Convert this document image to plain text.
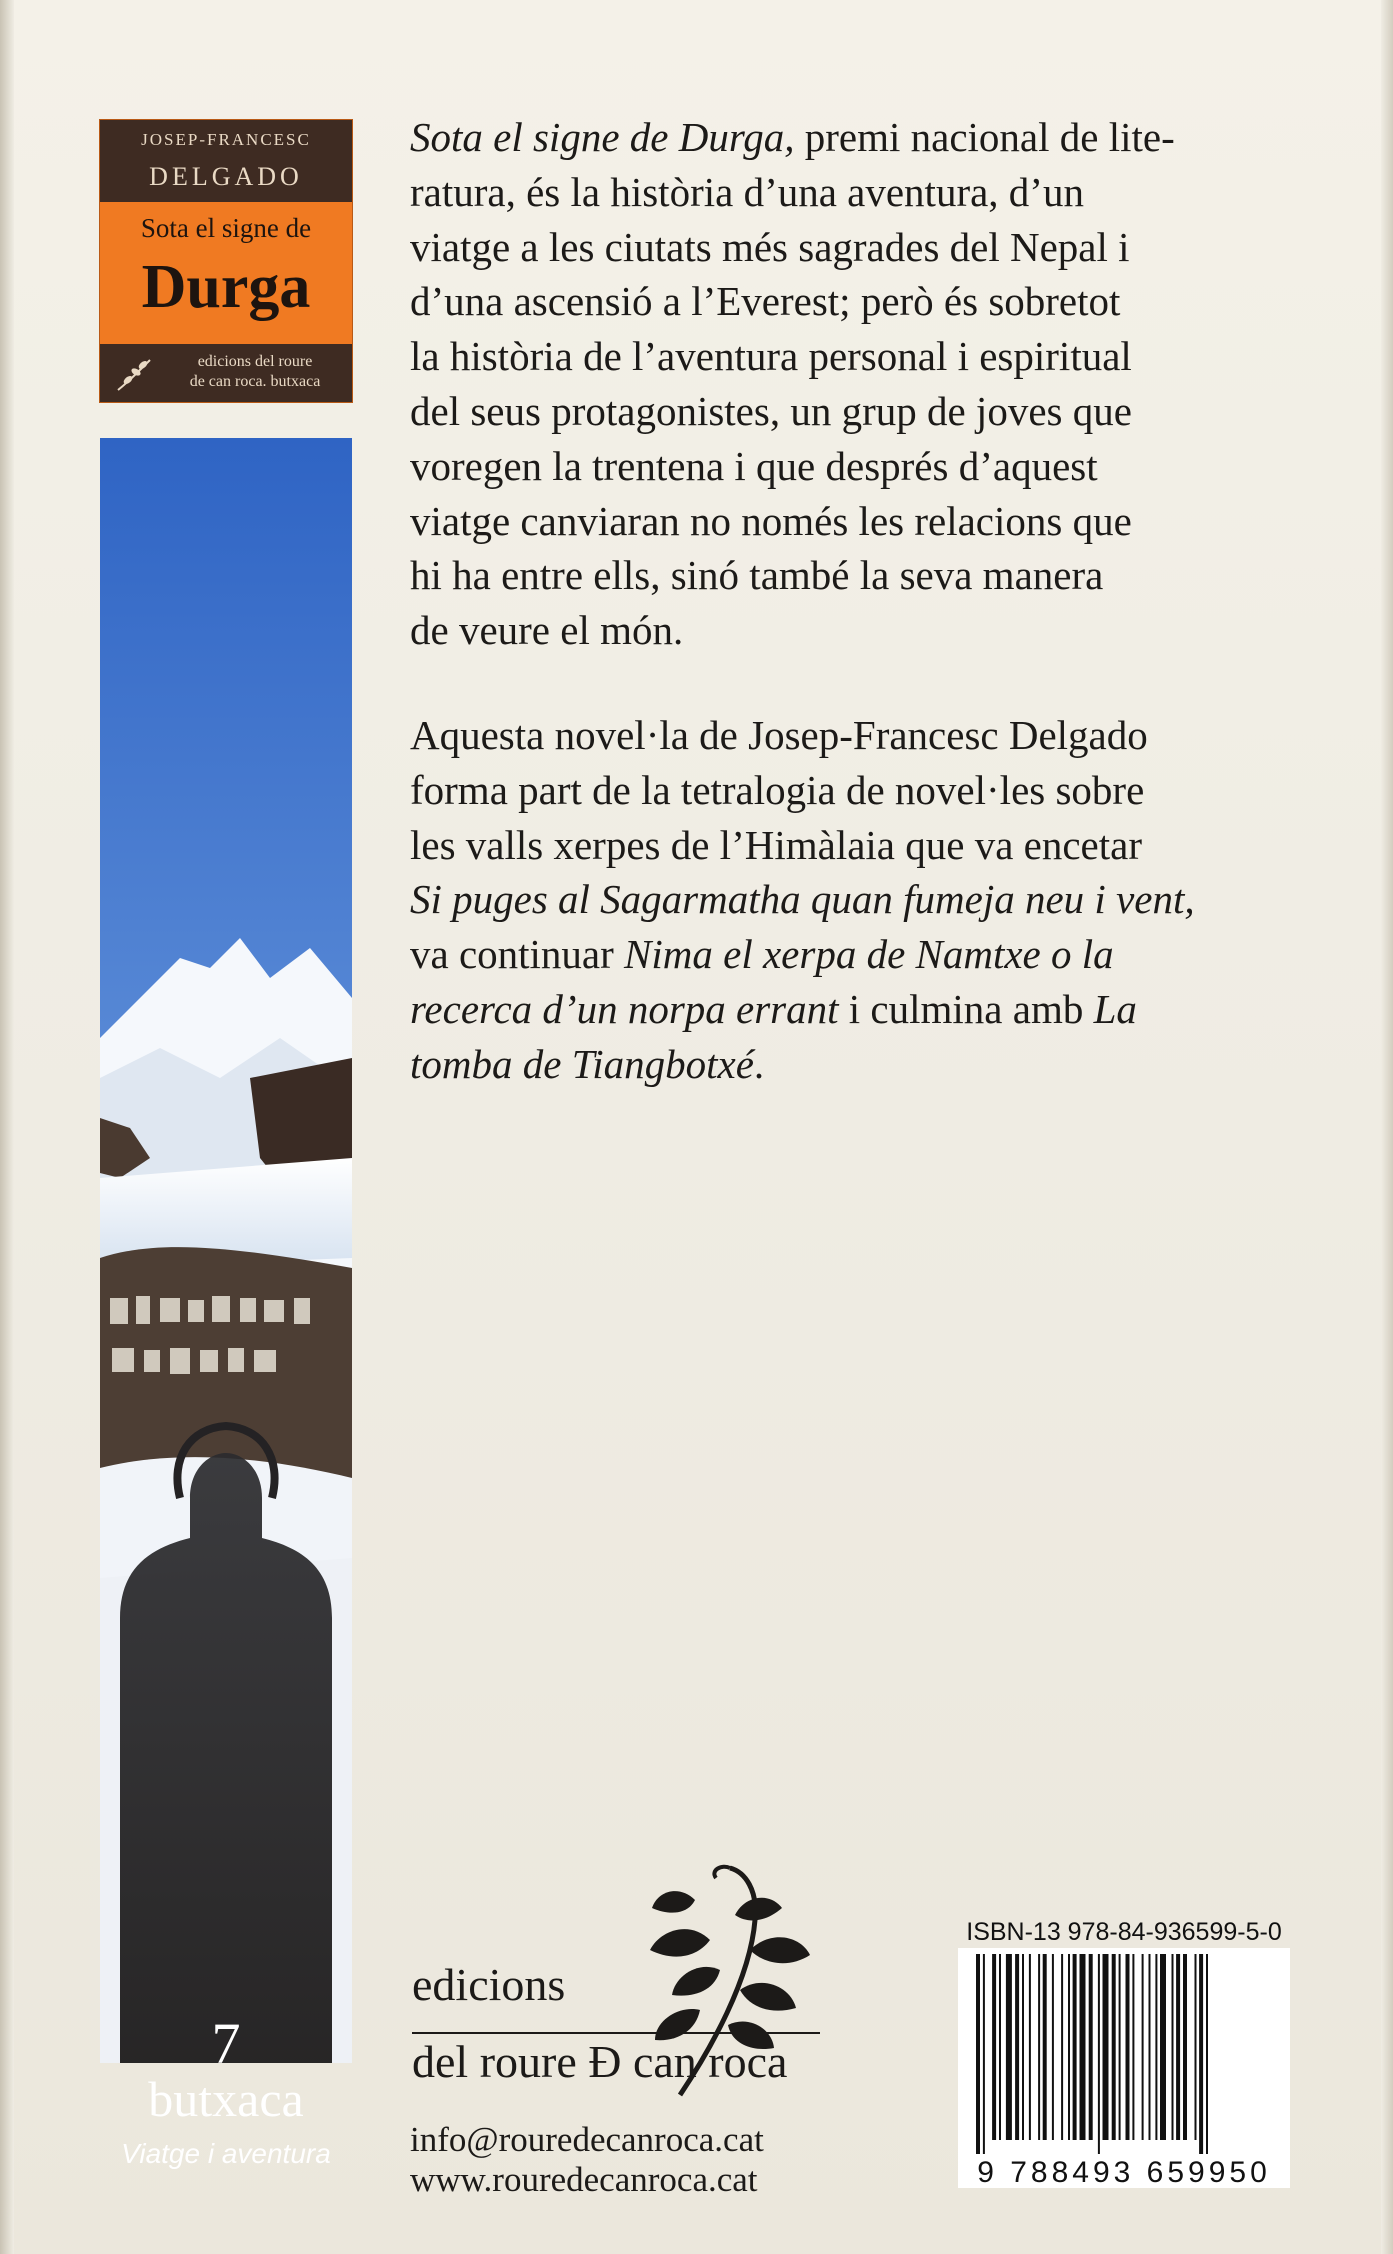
JOSEP-FRANCESC
DELGADO
Sota el signe de
Durga
edicions del roure
de can roca. butxaca
7
butxaca
Viatge i aventura
Sota el signe de Durga, premi nacional de lite-
ratura, és la història d’una aventura, d’un
viatge a les ciutats més sagrades del Nepal i
d’una ascensió a l’Everest; però és sobretot
la història de l’aventura personal i espiritual
del seus protagonistes, un grup de joves que
voregen la trentena i que després d’aquest
viatge canviaran no només les relacions que
hi ha entre ells, sinó també la seva manera
de veure el món.
Aquesta novel·la de Josep-Francesc Delgado
forma part de la tetralogia de novel·les sobre
les valls xerpes de l’Himàlaia que va encetar
Si puges al Sagarmatha quan fumeja neu i vent,
va continuar Nima el xerpa de Namtxe o la
recerca d’un norpa errant i culmina amb La
tomba de Tiangbotxé.
edicions
del roure Ð can roca
info@rouredecanroca.cat
www.rouredecanroca.cat
ISBN-13 978-84-936599-5-0
9 788493 659950
